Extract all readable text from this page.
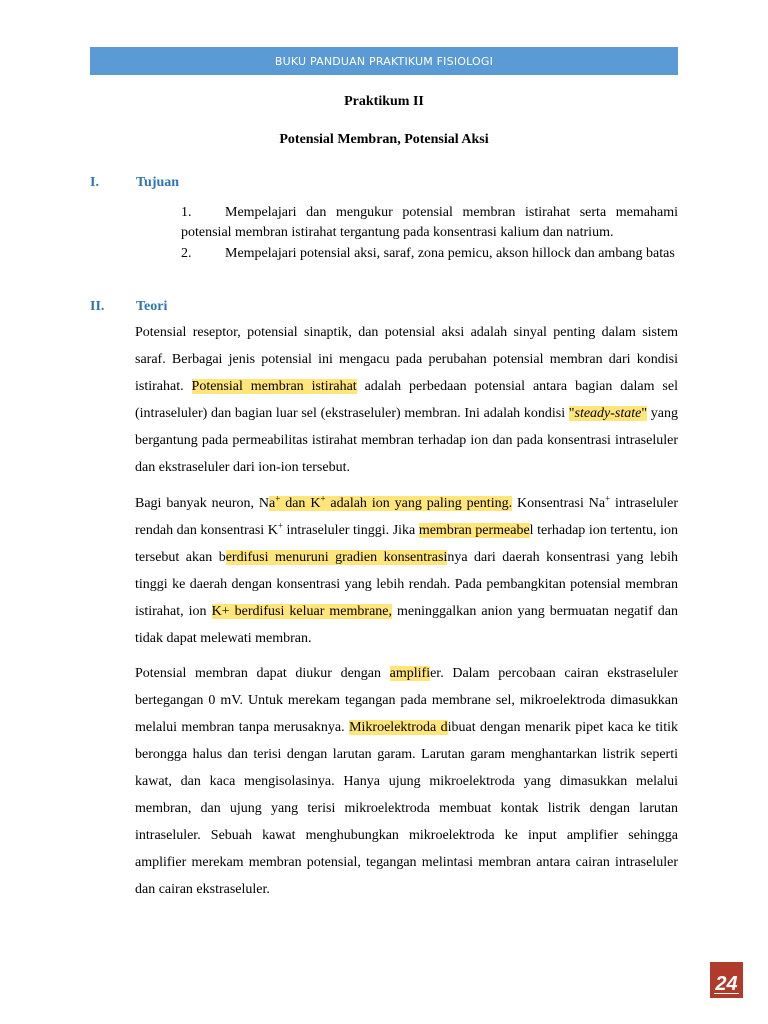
BUKU PANDUAN PRAKTIKUM FISIOLOGI
Praktikum II
Potensial Membran, Potensial Aksi
I.	Tujuan
1. Mempelajari dan mengukur potensial membran istirahat serta memahami potensial membran istirahat tergantung pada konsentrasi kalium dan natrium.
2. Mempelajari potensial aksi, saraf, zona pemicu, akson hillock dan ambang batas
II. Teori
Potensial reseptor, potensial sinaptik, dan potensial aksi adalah sinyal penting dalam sistem saraf. Berbagai jenis potensial ini mengacu pada perubahan potensial membran dari kondisi istirahat. Potensial membran istirahat adalah perbedaan potensial antara bagian dalam sel (intraseluler) dan bagian luar sel (ekstraseluler) membran. Ini adalah kondisi "steady-state" yang bergantung pada permeabilitas istirahat membran terhadap ion dan pada konsentrasi intraseluler dan ekstraseluler dari ion-ion tersebut.
Bagi banyak neuron, Na+ dan K+ adalah ion yang paling penting. Konsentrasi Na+ intraseluler rendah dan konsentrasi K+ intraseluler tinggi. Jika membran permeabel terhadap ion tertentu, ion tersebut akan berdifusi menuruni gradien konsentrasinya dari daerah konsentrasi yang lebih tinggi ke daerah dengan konsentrasi yang lebih rendah. Pada pembangkitan potensial membran istirahat, ion K+ berdifusi keluar membrane, meninggalkan anion yang bermuatan negatif dan tidak dapat melewati membran.
Potensial membran dapat diukur dengan amplifier. Dalam percobaan cairan ekstraseluler bertegangan 0 mV. Untuk merekam tegangan pada membrane sel, mikroelektroda dimasukkan melalui membran tanpa merusaknya. Mikroelektroda dibuat dengan menarik pipet kaca ke titik berongga halus dan terisi dengan larutan garam. Larutan garam menghantarkan listrik seperti kawat, dan kaca mengisolasinya. Hanya ujung mikroelektroda yang dimasukkan melalui membran, dan ujung yang terisi mikroelektroda membuat kontak listrik dengan larutan intraseluler. Sebuah kawat menghubungkan mikroelektroda ke input amplifier sehingga amplifier merekam membran potensial, tegangan melintasi membran antara cairan intraseluler dan cairan ekstraseluler.
24
